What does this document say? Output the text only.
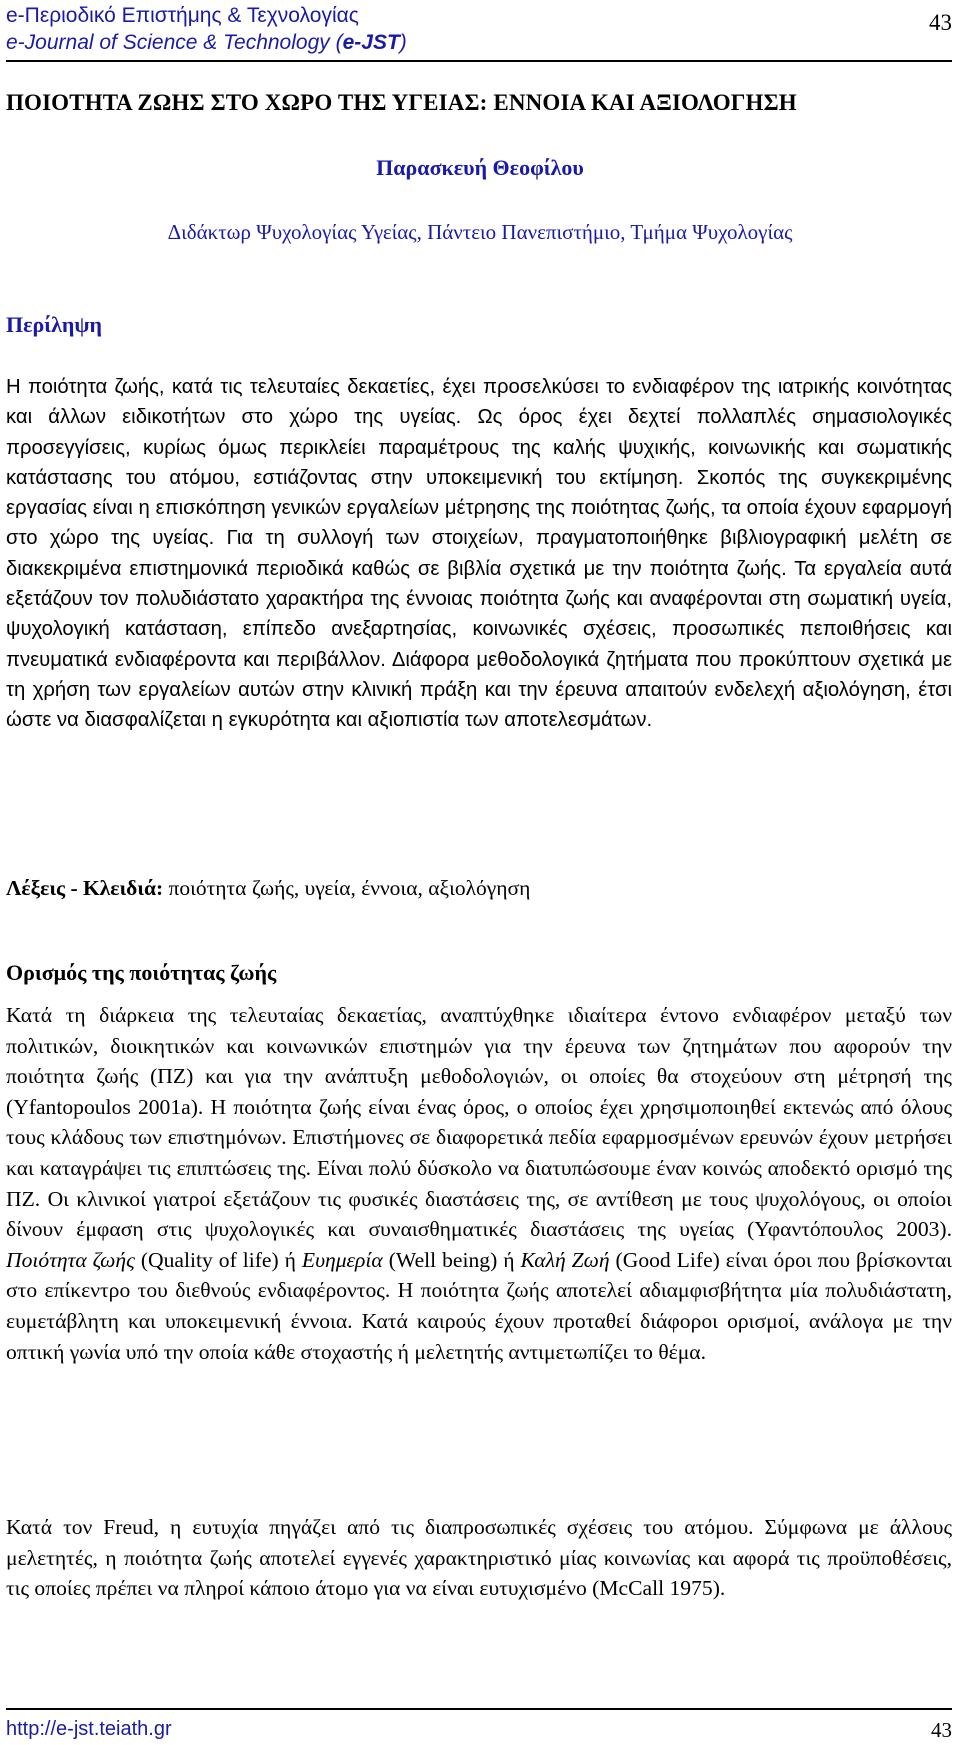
e-Περιοδικό Επιστήμης & Τεχνολογίας
e-Journal of Science & Technology (e-JST)
43
ΠΟΙΟΤΗΤΑ ΖΩΗΣ ΣΤΟ ΧΩΡΟ ΤΗΣ ΥΓΕΙΑΣ: ΕΝΝΟΙΑ ΚΑΙ ΑΞΙΟΛΟΓΗΣΗ
Παρασκευή Θεοφίλου
Διδάκτωρ Ψυχολογίας Υγείας, Πάντειο Πανεπιστήμιο, Τμήμα Ψυχολογίας
Περίληψη

Η ποιότητα ζωής, κατά τις τελευταίες δεκαετίες, έχει προσελκύσει το ενδιαφέρον της ιατρικής κοινότητας και άλλων ειδικοτήτων στο χώρο της υγείας. Ως όρος έχει δεχτεί πολλαπλές σημασιολογικές προσεγγίσεις, κυρίως όμως περικλείει παραμέτρους της καλής ψυχικής, κοινωνικής και σωματικής κατάστασης του ατόμου, εστιάζοντας στην υποκειμενική του εκτίμηση. Σκοπός της συγκεκριμένης εργασίας είναι η επισκόπηση γενικών εργαλείων μέτρησης της ποιότητας ζωής, τα οποία έχουν εφαρμογή στο χώρο της υγείας. Για τη συλλογή των στοιχείων, πραγματοποιήθηκε βιβλιογραφική μελέτη σε διακεκριμένα επιστημονικά περιοδικά καθώς σε βιβλία σχετικά με την ποιότητα ζωής. Τα εργαλεία αυτά εξετάζουν τον πολυδιάστατο χαρακτήρα της έννοιας ποιότητα ζωής και αναφέρονται στη σωματική υγεία, ψυχολογική κατάσταση, επίπεδο ανεξαρτησίας, κοινωνικές σχέσεις, προσωπικές πεποιθήσεις και πνευματικά ενδιαφέροντα και περιβάλλον. Διάφορα μεθοδολογικά ζητήματα που προκύπτουν σχετικά με τη χρήση των εργαλείων αυτών στην κλινική πράξη και την έρευνα απαιτούν ενδελεχή αξιολόγηση, έτσι ώστε να διασφαλίζεται η εγκυρότητα και αξιοπιστία των αποτελεσμάτων.

Λέξεις - Κλειδιά: ποιότητα ζωής, υγεία, έννοια, αξιολόγηση
Ορισμός της ποιότητας ζωής

Κατά τη διάρκεια της τελευταίας δεκαετίας, αναπτύχθηκε ιδιαίτερα έντονο ενδιαφέρον μεταξύ των πολιτικών, διοικητικών και κοινωνικών επιστημών για την έρευνα των ζητημάτων που αφορούν την ποιότητα ζωής (ΠΖ) και για την ανάπτυξη μεθοδολογιών, οι οποίες θα στοχεύουν στη μέτρησή της (Yfantopoulos 2001a). Η ποιότητα ζωής είναι ένας όρος, ο οποίος έχει χρησιμοποιηθεί εκτενώς από όλους τους κλάδους των επιστημόνων. Επιστήμονες σε διαφορετικά πεδία εφαρμοσμένων ερευνών έχουν μετρήσει και καταγράψει τις επιπτώσεις της. Είναι πολύ δύσκολο να διατυπώσουμε έναν κοινώς αποδεκτό ορισμό της ΠΖ. Οι κλινικοί γιατροί εξετάζουν τις φυσικές διαστάσεις της, σε αντίθεση με τους ψυχολόγους, οι οποίοι δίνουν έμφαση στις ψυχολογικές και συναισθηματικές διαστάσεις της υγείας (Υφαντόπουλος 2003). Ποιότητα ζωής (Quality of life) ή Ευημερία (Well being) ή Καλή Ζωή (Good Life) είναι όροι που βρίσκονται στο επίκεντρο του διεθνούς ενδιαφέροντος. Η ποιότητα ζωής αποτελεί αδιαμφισβήτητα μία πολυδιάστατη, ευμετάβλητη και υποκειμενική έννοια. Κατά καιρούς έχουν προταθεί διάφοροι ορισμοί, ανάλογα με την οπτική γωνία υπό την οποία κάθε στοχαστής ή μελετητής αντιμετωπίζει το θέμα.

Κατά τον Freud, η ευτυχία πηγάζει από τις διαπροσωπικές σχέσεις του ατόμου. Σύμφωνα με άλλους μελετητές, η ποιότητα ζωής αποτελεί εγγενές χαρακτηριστικό μίας κοινωνίας και αφορά τις προϋποθέσεις, τις οποίες πρέπει να πληροί κάποιο άτομο για να είναι ευτυχισμένο (McCall 1975).

http://e-jst.teiath.gr	43
